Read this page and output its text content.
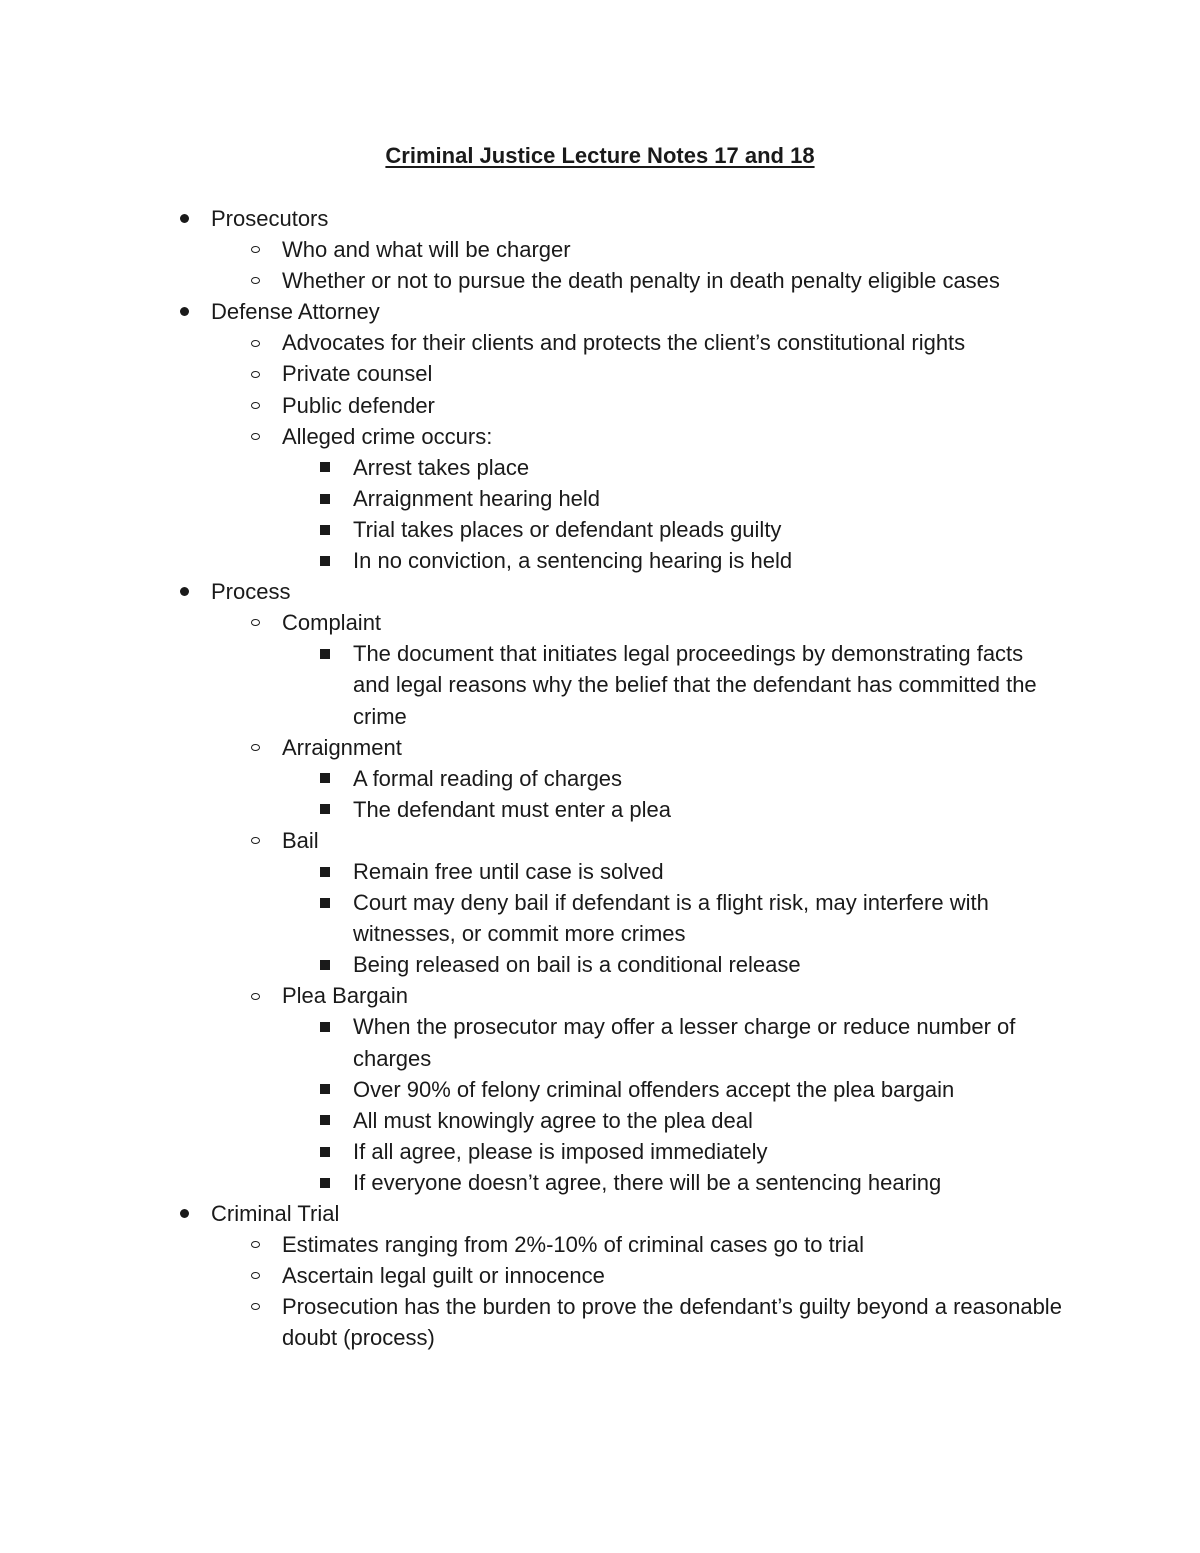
Criminal Justice Lecture Notes 17 and 18
Prosecutors
Who and what will be charger
Whether or not to pursue the death penalty in death penalty eligible cases
Defense Attorney
Advocates for their clients and protects the client’s constitutional rights
Private counsel
Public defender
Alleged crime occurs:
Arrest takes place
Arraignment hearing held
Trial takes places or defendant pleads guilty
In no conviction, a sentencing hearing is held
Process
Complaint
The document that initiates legal proceedings by demonstrating facts and legal reasons why the belief that the defendant has committed the crime
Arraignment
A formal reading of charges
The defendant must enter a plea
Bail
Remain free until case is solved
Court may deny bail if defendant is a flight risk, may interfere with witnesses, or commit more crimes
Being released on bail is a conditional release
Plea Bargain
When the prosecutor may offer a lesser charge or reduce number of charges
Over 90% of felony criminal offenders accept the plea bargain
All must knowingly agree to the plea deal
If all agree, please is imposed immediately
If everyone doesn’t agree, there will be a sentencing hearing
Criminal Trial
Estimates ranging from 2%-10% of criminal cases go to trial
Ascertain legal guilt or innocence
Prosecution has the burden to prove the defendant’s guilty beyond a reasonable doubt (process)
